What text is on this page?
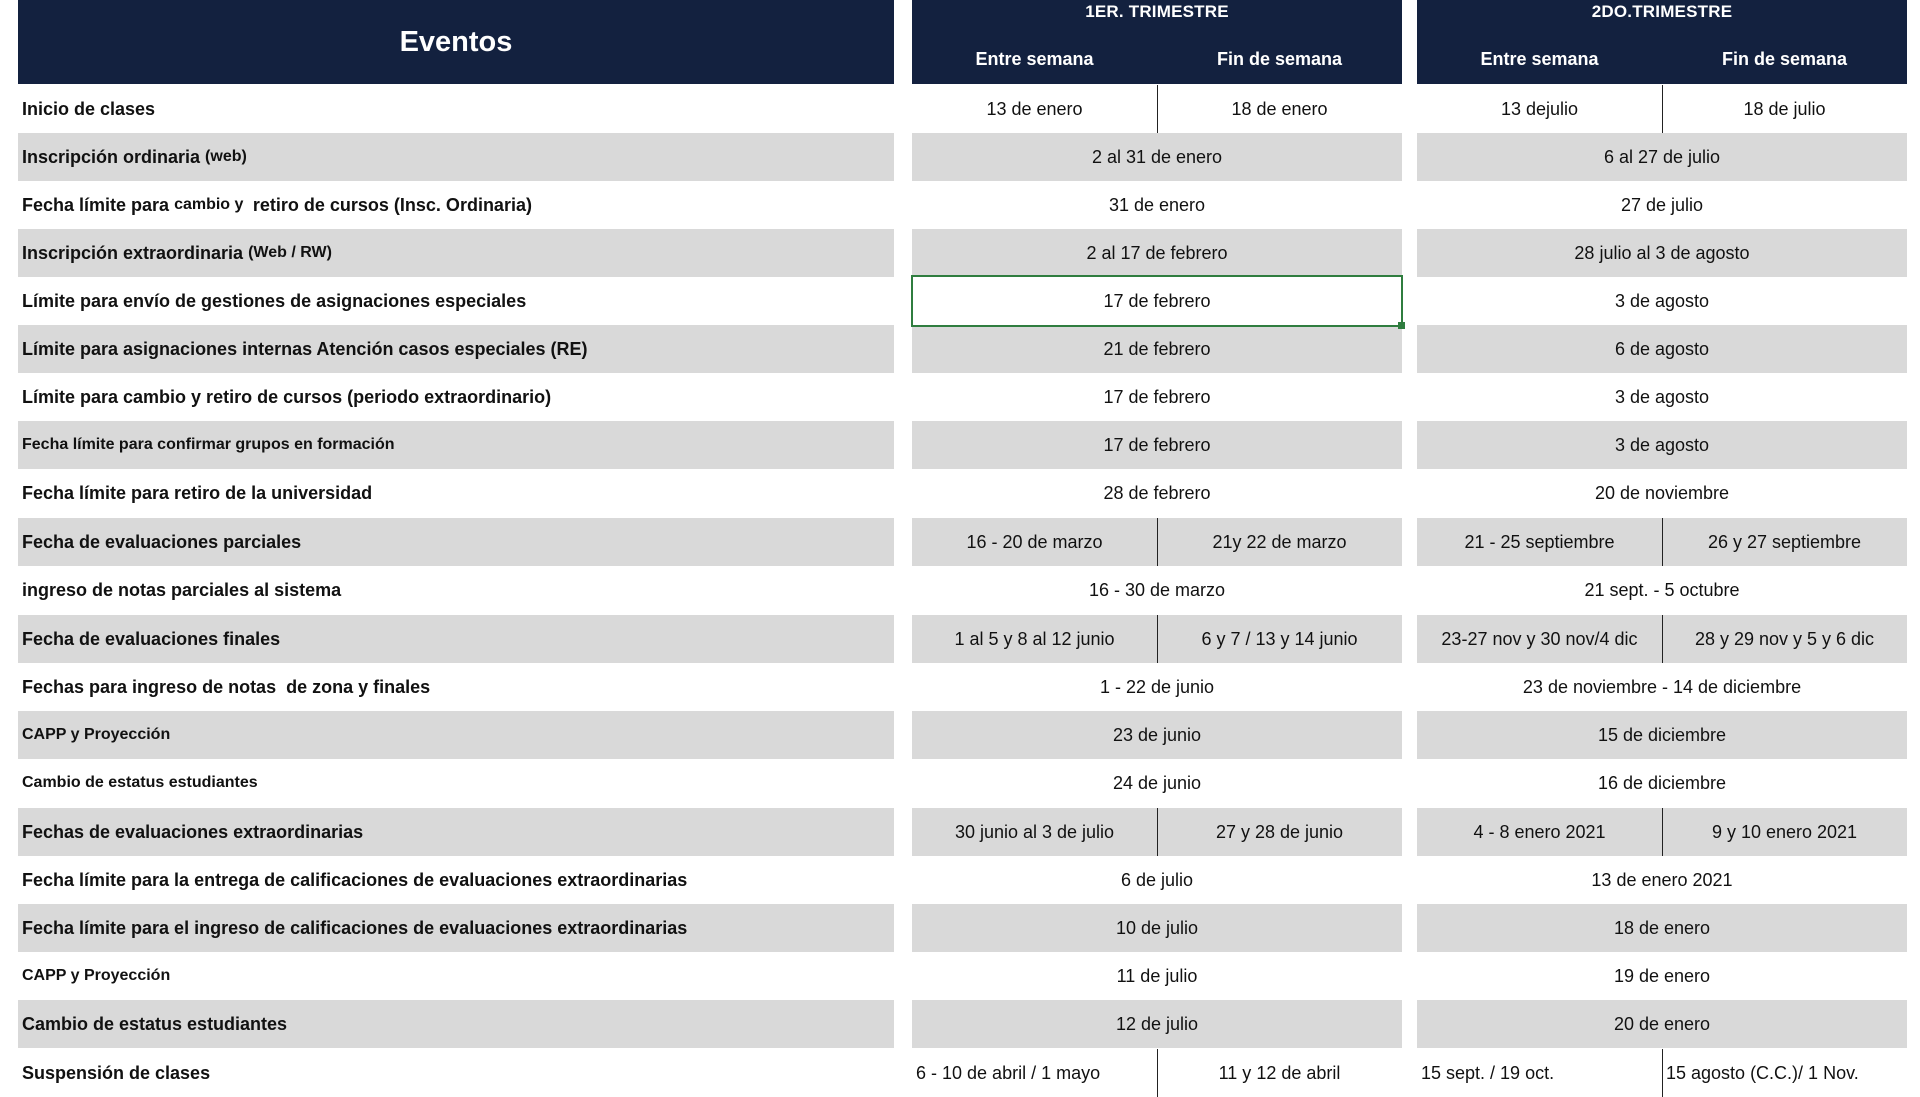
Eventos
1ER. TRIMESTRE
Entre semana	Fin de semana
2DO.TRIMESTRE
Entre semana	Fin de semana
Inicio de clases	13 de enero	18 de enero	13 dejulio	18 de julio
Inscripción ordinaria (web)	2 al 31 de enero	6 al 27 de julio
Fecha límite para cambio y retiro de cursos (Insc. Ordinaria)	31 de enero	27 de julio
Inscripción extraordinaria (Web / RW)	2 al 17 de febrero	28 julio al 3 de agosto
Límite para envío de gestiones de asignaciones especiales	17 de febrero	3 de agosto
Límite para asignaciones internas Atención casos especiales (RE)	21 de febrero	6 de agosto
Límite para cambio y retiro de cursos (periodo extraordinario)	17 de febrero	3 de agosto
Fecha límite para confirmar grupos en formación	17 de febrero	3 de agosto
Fecha límite para retiro de la universidad	28 de febrero	20 de noviembre
Fecha de evaluaciones parciales	16 - 20 de marzo	21y 22 de marzo	21 - 25 septiembre	26 y 27 septiembre
ingreso de notas parciales al sistema	16 - 30 de marzo	21 sept. - 5 octubre
Fecha de evaluaciones finales	1 al 5 y 8 al 12 junio	6 y 7 / 13 y 14 junio	23-27 nov y 30 nov/4 dic	28 y 29 nov y 5 y 6 dic
Fechas para ingreso de notas  de zona y finales	1 - 22 de junio	23 de noviembre - 14 de diciembre
CAPP y Proyección	23 de junio	15 de diciembre
Cambio de estatus estudiantes	24 de junio	16 de diciembre
Fechas de evaluaciones extraordinarias	30 junio al 3 de julio	27 y 28 de junio	4 - 8 enero 2021	9 y 10 enero 2021
Fecha límite para la entrega de calificaciones de evaluaciones extraordinarias	6 de julio	13 de enero 2021
Fecha límite para el ingreso de calificaciones de evaluaciones extraordinarias	10 de julio	18 de enero
CAPP y Proyección	11 de julio	19 de enero
Cambio de estatus estudiantes	12 de julio	20 de enero
Suspensión de clases	6 - 10 de abril / 1 mayo	11 y 12 de abril	15 sept. / 19 oct.	15 agosto (C.C.)/ 1 Nov.
